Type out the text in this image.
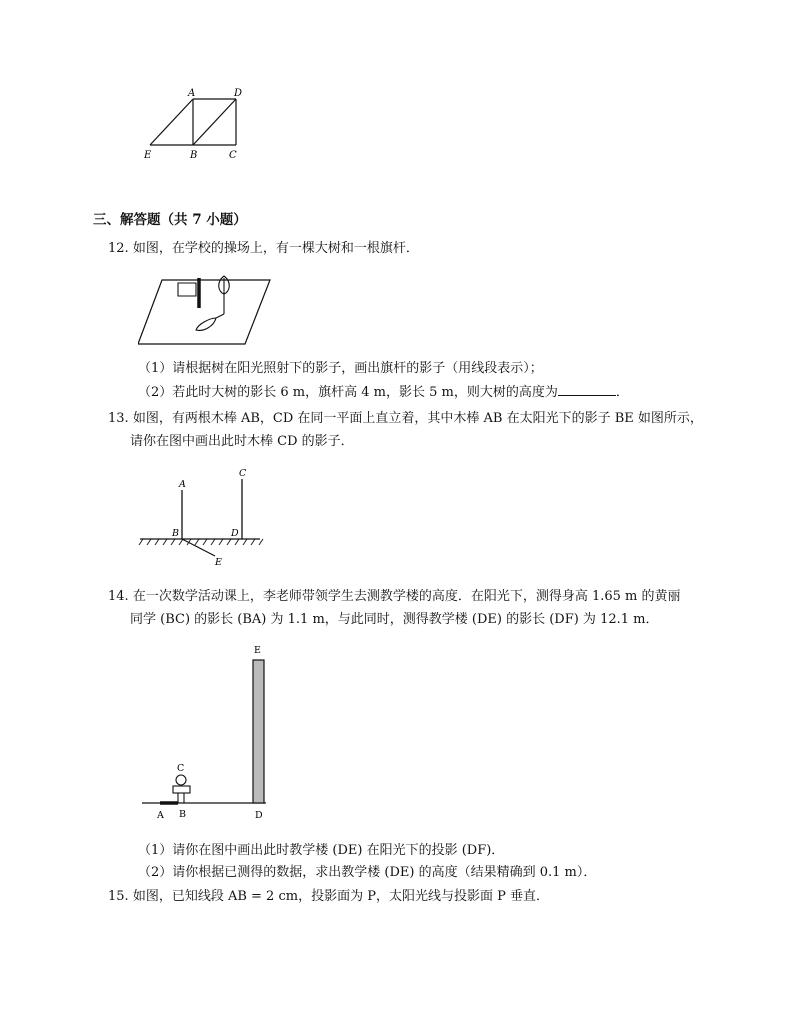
A	D
E	B	C
三、解答题（共 7 小题）
12. 如图，在学校的操场上，有一棵大树和一根旗杆．
（1）请根据树在阳光照射下的影子，画出旗杆的影子（用线段表示）；
（2）若此时大树的影长 6 m，旗杆高 4 m，影长 5 m，则大树的高度为	．
13. 如图，有两根木棒 AB，CD 在同一平面上直立着，其中木棒 AB 在太阳光下的影子 BE 如图所示，
请你在图中画出此时木棒 CD 的影子．
A
C
B	D
E
14. 在一次数学活动课上，李老师带领学生去测教学楼的高度．在阳光下，测得身高 1.65 m 的黄丽
同学 (BC) 的影长 (BA) 为 1.1 m，与此同时，测得教学楼 (DE) 的影长 (DF) 为 12.1 m．
E
C
A B	D
（1）请你在图中画出此时教学楼 (DE) 在阳光下的投影 (DF)．
（2）请你根据已测得的数据，求出教学楼 (DE) 的高度（结果精确到 0.1 m）．
15. 如图，已知线段 AB = 2 cm，投影面为 P，太阳光线与投影面 P 垂直．
